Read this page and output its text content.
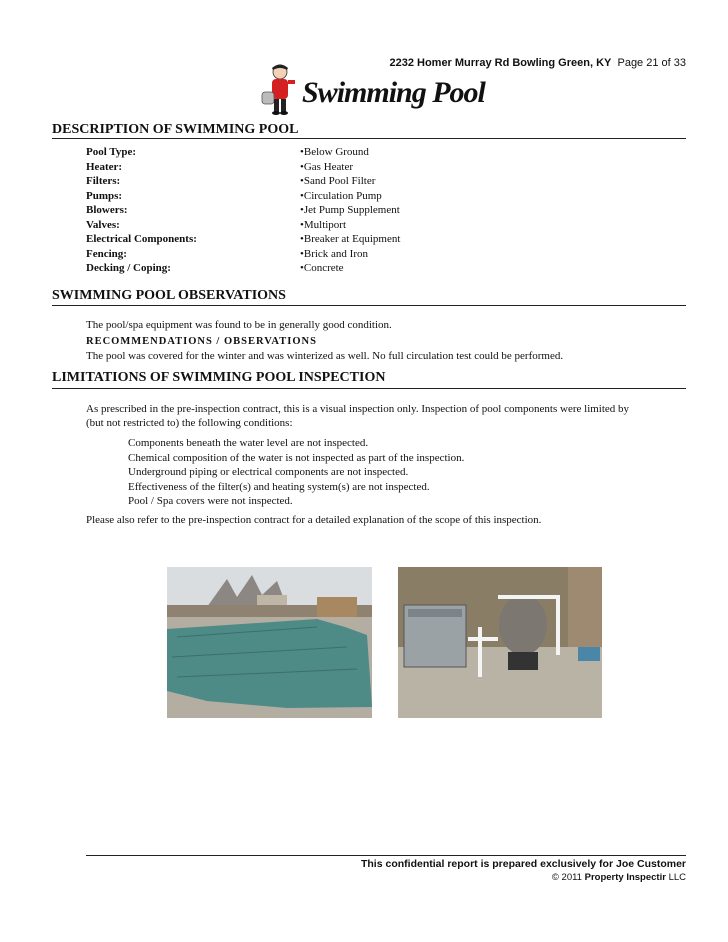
2232 Homer Murray Rd Bowling Green, KY Page 21 of 33
Swimming Pool
DESCRIPTION OF SWIMMING POOL
Pool Type:	•Below Ground
Heater:	•Gas Heater
Filters:	•Sand Pool Filter
Pumps:	•Circulation Pump
Blowers:	•Jet Pump Supplement
Valves:	•Multiport
Electrical Components:	•Breaker at Equipment
Fencing:	•Brick and Iron
Decking / Coping:	•Concrete
SWIMMING POOL OBSERVATIONS
The pool/spa equipment was found to be in generally good condition.
RECOMMENDATIONS / OBSERVATIONS
The pool was covered for the winter and was winterized as well. No full circulation test could be performed.
LIMITATIONS OF SWIMMING POOL INSPECTION
As prescribed in the pre-inspection contract, this is a visual inspection only. Inspection of pool components were limited by
(but not restricted to) the following conditions:
Components beneath the water level are not inspected.
Chemical composition of the water is not inspected as part of the inspection.
Underground piping or electrical components are not inspected.
Effectiveness of the filter(s) and heating system(s) are not inspected.
Pool / Spa covers were not inspected.
Please also refer to the pre-inspection contract for a detailed explanation of the scope of this inspection.
This confidential report is prepared exclusively for Joe Customer
© 2011 Property Inspectir LLC
